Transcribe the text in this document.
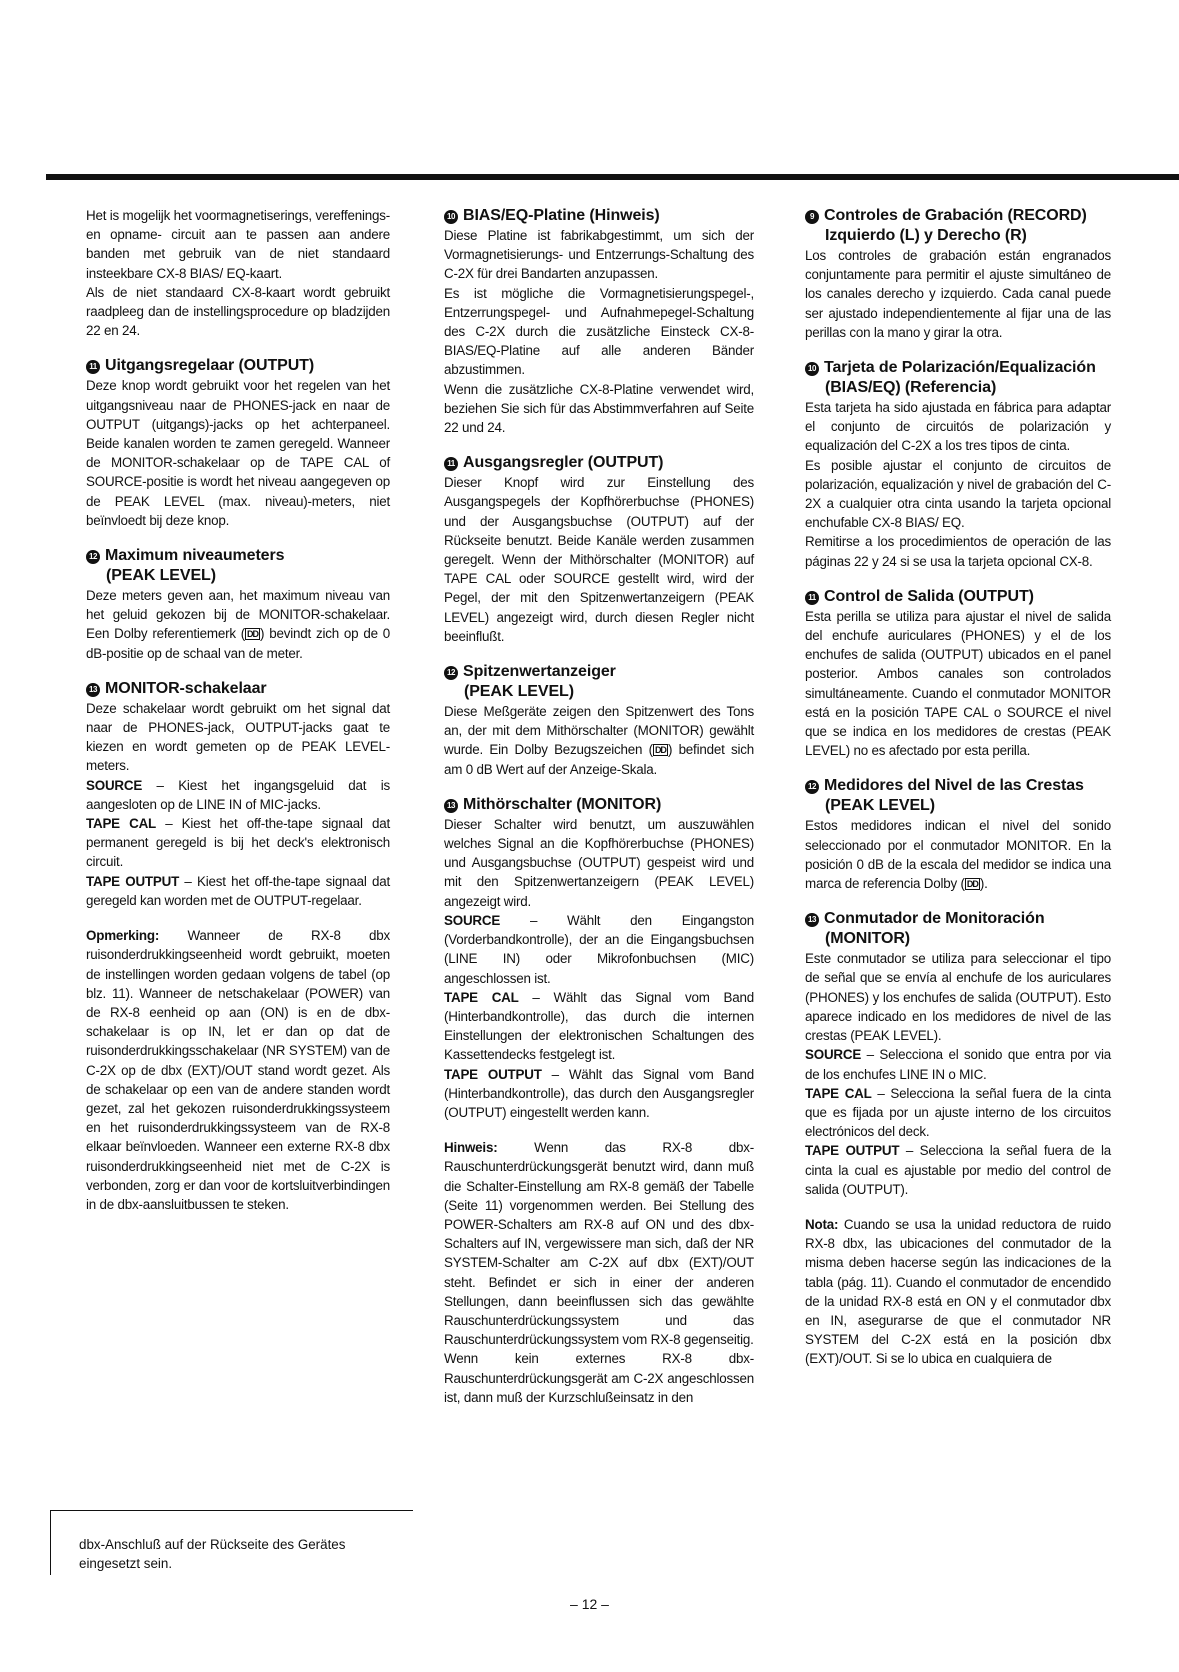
Het is mogelijk het voormagnetiserings, vereffenings- en opname- circuit aan te passen aan andere banden met gebruik van de niet standaard insteekbare CX-8 BIAS/ EQ-kaart.

Als de niet standaard CX-8-kaart wordt gebruikt raadpleeg dan de instellingsprocedure op bladzijden 22 en 24.

11 Uitgangsregelaar (OUTPUT)

Deze knop wordt gebruikt voor het regelen van het uitgangsniveau naar de PHONES-jack en naar de OUTPUT (uitgangs)-jacks op het achterpaneel. Beide kanalen worden te zamen geregeld. Wanneer de MONITOR-schakelaar op de TAPE CAL of SOURCE-positie is wordt het niveau aangegeven op de PEAK LEVEL (max. niveau)-meters, niet beïnvloedt bij deze knop.

12 Maximum niveaumeters
(PEAK LEVEL)

Deze meters geven aan, het maximum niveau van het geluid gekozen bij de MONITOR-schakelaar. Een Dolby referentiemerk ( DD ) bevindt zich op de 0 dB-positie op de schaal van de meter.

13 MONITOR-schakelaar

Deze schakelaar wordt gebruikt om het signal dat naar de PHONES-jack, OUTPUT-jacks gaat te kiezen en wordt gemeten op de PEAK LEVEL-meters.

SOURCE – Kiest het ingangsgeluid dat is aangesloten op de LINE IN of MIC-jacks.

TAPE CAL – Kiest het off-the-tape signaal dat permanent geregeld is bij het deck's elektronisch circuit.

TAPE OUTPUT – Kiest het off-the-tape signaal dat geregeld kan worden met de OUTPUT-regelaar.

Opmerking: Wanneer de RX-8 dbx ruisonderdrukkingseenheid wordt gebruikt, moeten de instellingen worden gedaan volgens de tabel (op blz. 11). Wanneer de netschakelaar (POWER) van de RX-8 eenheid op aan (ON) is en de dbx-schakelaar is op IN, let er dan op dat de ruisonderdrukkingsschakelaar (NR SYSTEM) van de C-2X op de dbx (EXT)/OUT stand wordt gezet. Als de schakelaar op een van de andere standen wordt gezet, zal het gekozen ruisonderdrukkingssysteem en het ruisonderdrukkingssysteem van de RX-8 elkaar beïnvloeden. Wanneer een externe RX-8 dbx ruisonderdrukkingseenheid niet met de C-2X is verbonden, zorg er dan voor de kortsluitverbindingen in de dbx-aansluitbussen te steken.

10 BIAS/EQ-Platine (Hinweis)

Diese Platine ist fabrikabgestimmt, um sich der Vormagnetisierungs- und Entzerrungs-Schaltung des C-2X für drei Bandarten anzupassen.

Es ist mögliche die Vormagnetisierungspegel-, Entzerrungspegel- und Aufnahmepegel-Schaltung des C-2X durch die zusätzliche Einsteck CX-8-BIAS/EQ-Platine auf alle anderen Bänder abzustimmen.

Wenn die zusätzliche CX-8-Platine verwendet wird, beziehen Sie sich für das Abstimmverfahren auf Seite 22 und 24.

11 Ausgangsregler (OUTPUT)

Dieser Knopf wird zur Einstellung des Ausgangspegels der Kopfhörerbuchse (PHONES) und der Ausgangsbuchse (OUTPUT) auf der Rückseite benutzt. Beide Kanäle werden zusammen geregelt. Wenn der Mithörschalter (MONITOR) auf TAPE CAL oder SOURCE gestellt wird, wird der Pegel, der mit den Spitzenwertanzeigern (PEAK LEVEL) angezeigt wird, durch diesen Regler nicht beeinflußt.

12 Spitzenwertanzeiger
(PEAK LEVEL)

Diese Meßgeräte zeigen den Spitzenwert des Tons an, der mit dem Mithörschalter (MONITOR) gewählt wurde. Ein Dolby Bezugszeichen ( DD ) befindet sich am 0 dB Wert auf der Anzeige-Skala.

13 Mithörschalter (MONITOR)

Dieser Schalter wird benutzt, um auszuwählen welches Signal an die Kopfhörerbuchse (PHONES) und Ausgangsbuchse (OUTPUT) gespeist wird und mit den Spitzenwertanzeigern (PEAK LEVEL) angezeigt wird.

SOURCE – Wählt den Eingangston (Vorderbandkontrolle), der an die Eingangsbuchsen (LINE IN) oder Mikrofonbuchsen (MIC) angeschlossen ist.

TAPE CAL – Wählt das Signal vom Band (Hinterbandkontrolle), das durch die internen Einstellungen der elektronischen Schaltungen des Kassettendecks festgelegt ist.

TAPE OUTPUT – Wählt das Signal vom Band (Hinterbandkontrolle), das durch den Ausgangsregler (OUTPUT) eingestellt werden kann.

Hinweis: Wenn das RX-8 dbx-Rauschunterdrückungsgerät benutzt wird, dann muß die Schalter-Einstellung am RX-8 gemäß der Tabelle (Seite 11) vorgenommen werden. Bei Stellung des POWER-Schalters am RX-8 auf ON und des dbx-Schalters auf IN, vergewissere man sich, daß der NR SYSTEM-Schalter am C-2X auf dbx (EXT)/OUT steht. Befindet er sich in einer der anderen Stellungen, dann beeinflussen sich das gewählte Rauschunterdrückungssystem und das Rauschunterdrückungssystem vom RX-8 gegenseitig.

Wenn kein externes RX-8 dbx-Rauschunterdrückungsgerät am C-2X angeschlossen ist, dann muß der Kurzschlußeinsatz in den

9 Controles de Grabación (RECORD)
Izquierdo (L) y Derecho (R)

Los controles de grabación están engranados conjuntamente para permitir el ajuste simultáneo de los canales derecho y izquierdo. Cada canal puede ser ajustado independientemente al fijar una de las perillas con la mano y girar la otra.

10 Tarjeta de Polarización/Equalización
(BIAS/EQ) (Referencia)

Esta tarjeta ha sido ajustada en fábrica para adaptar el conjunto de circuitós de polarización y equalización del C-2X a los tres tipos de cinta.

Es posible ajustar el conjunto de circuitos de polarización, equalización y nivel de grabación del C-2X a cualquier otra cinta usando la tarjeta opcional enchufable CX-8 BIAS/ EQ.

Remitirse a los procedimientos de operación de las páginas 22 y 24 si se usa la tarjeta opcional CX-8.

11 Control de Salida (OUTPUT)

Esta perilla se utiliza para ajustar el nivel de salida del enchufe auriculares (PHONES) y el de los enchufes de salida (OUTPUT) ubicados en el panel posterior. Ambos canales son controlados simultáneamente. Cuando el conmutador MONITOR está en la posición TAPE CAL o SOURCE el nivel que se indica en los medidores de crestas (PEAK LEVEL) no es afectado por esta perilla.

12 Medidores del Nivel de las Crestas
(PEAK LEVEL)

Estos medidores indican el nivel del sonido seleccionado por el conmutador MONITOR. En la posición 0 dB de la escala del medidor se indica una marca de referencia Dolby ( DD ).

13 Conmutador de Monitoración
(MONITOR)

Este conmutador se utiliza para seleccionar el tipo de señal que se envía al enchufe de los auriculares (PHONES) y los enchufes de salida (OUTPUT). Esto aparece indicado en los medidores de nivel de las crestas (PEAK LEVEL).

SOURCE – Selecciona el sonido que entra por via de los enchufes LINE IN o MIC.

TAPE CAL – Selecciona la señal fuera de la cinta que es fijada por un ajuste interno de los circuitos electrónicos del deck.

TAPE OUTPUT – Selecciona la señal fuera de la cinta la cual es ajustable por medio del control de salida (OUTPUT).

Nota: Cuando se usa la unidad reductora de ruido RX-8 dbx, las ubicaciones del conmutador de la misma deben hacerse según las indicaciones de la tabla (pág. 11). Cuando el conmutador de encendido de la unidad RX-8 está en ON y el conmutador dbx en IN, asegurarse de que el conmutador NR SYSTEM del C-2X está en la posición dbx (EXT)/OUT. Si se lo ubica en cualquiera de

dbx-Anschluß auf der Rückseite des Gerätes eingesetzt sein.

– 12 –
